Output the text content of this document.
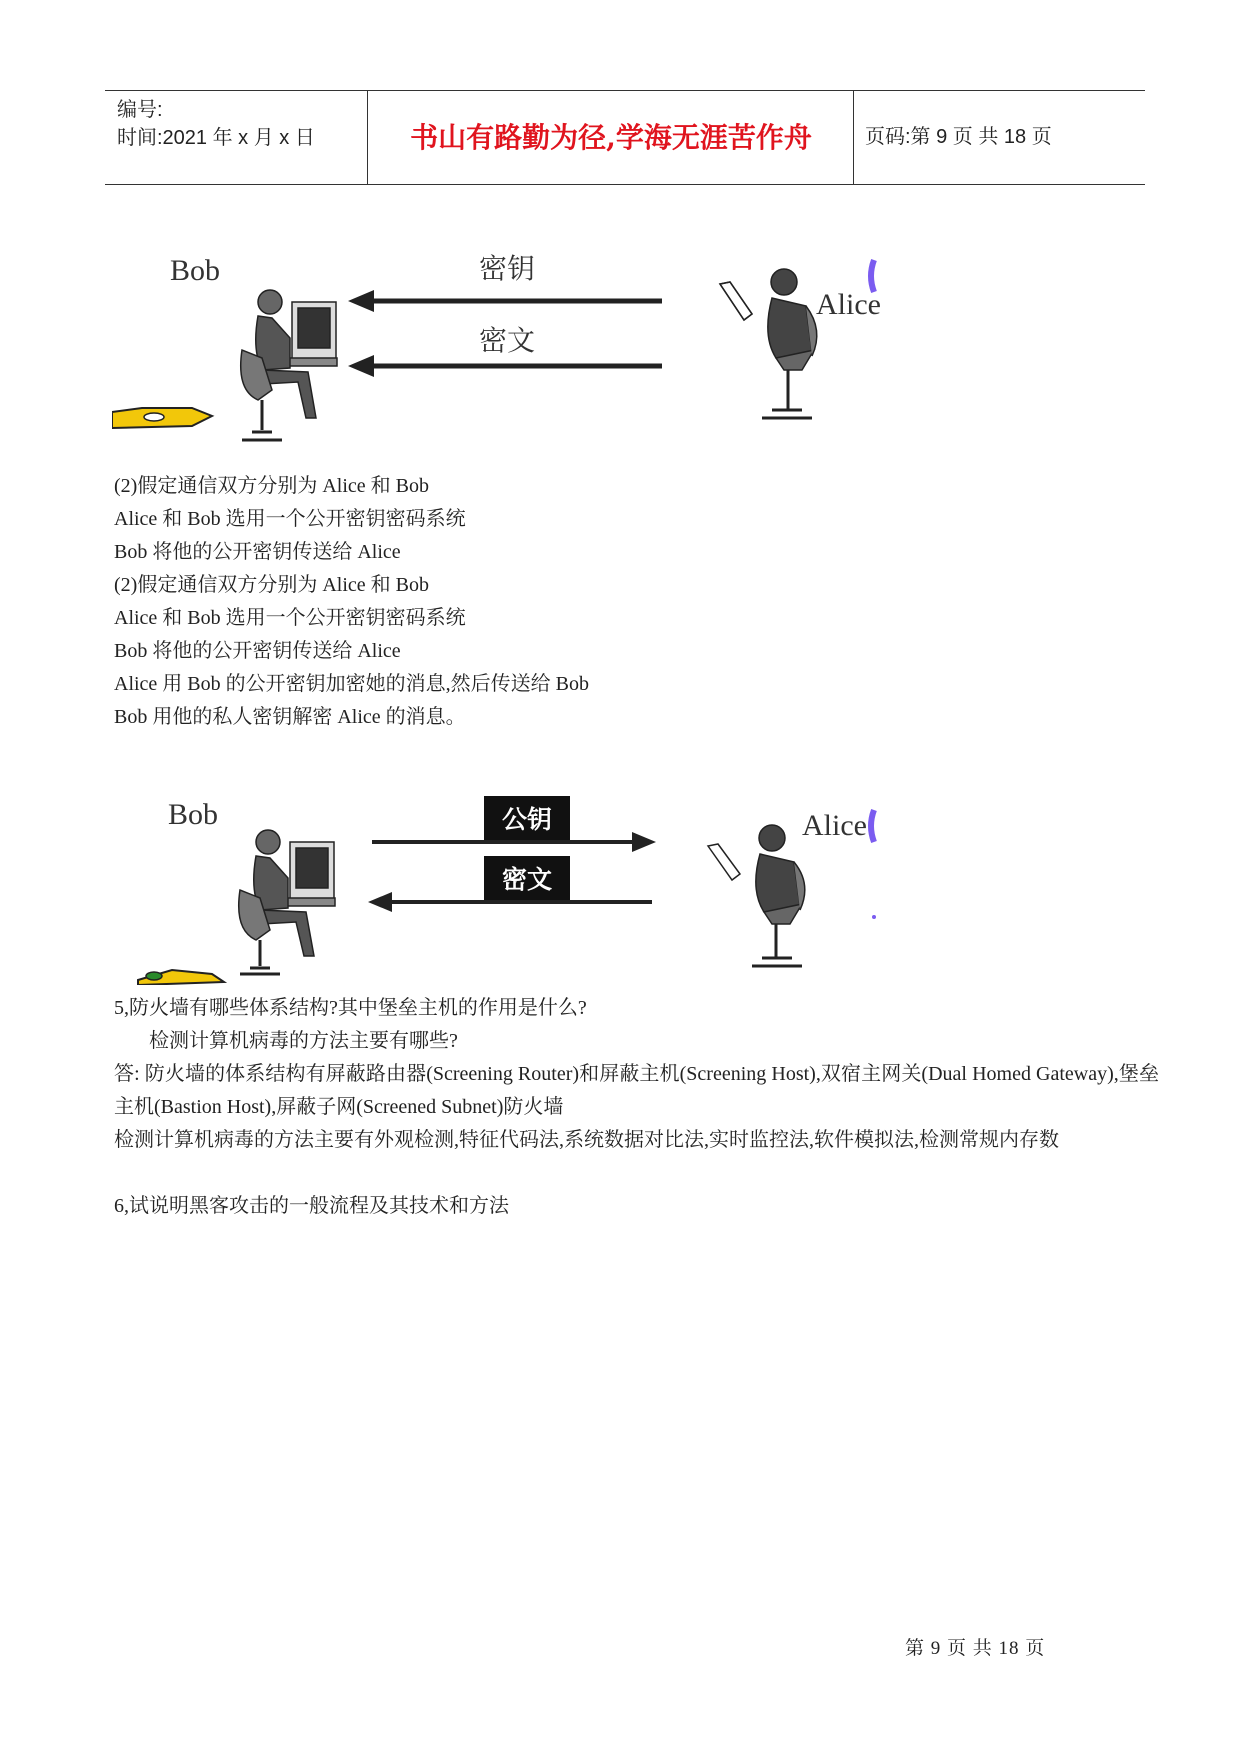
编号:
时间:2021 年 x 月 x 日	书山有路勤为径,学海无涯苦作舟	页码:第 9 页 共 18 页
Bob	密钥
密文
Alice

(2)假定通信双方分别为 Alice 和 Bob

Alice 和 Bob 选用一个公开密钥密码系统

Bob 将他的公开密钥传送给 Alice

(2)假定通信双方分别为 Alice 和 Bob

Alice 和 Bob 选用一个公开密钥密码系统

Bob 将他的公开密钥传送给 Alice

Alice 用 Bob 的公开密钥加密她的消息,然后传送给 Bob

Bob 用他的私人密钥解密 Alice 的消息。

Bob	公钥
密文
Alice

5,防火墙有哪些体系结构?其中堡垒主机的作用是什么?

检测计算机病毒的方法主要有哪些?

答: 防火墙的体系结构有屏蔽路由器(Screening Router)和屏蔽主机(Screening Host),双宿主网关(Dual Homed Gateway),堡垒主机(Bastion Host),屏蔽子网(Screened Subnet)防火墙

检测计算机病毒的方法主要有外观检测,特征代码法,系统数据对比法,实时监控法,软件模拟法,检测常规内存数

6,试说明黑客攻击的一般流程及其技术和方法

第 9 页 共 18 页
